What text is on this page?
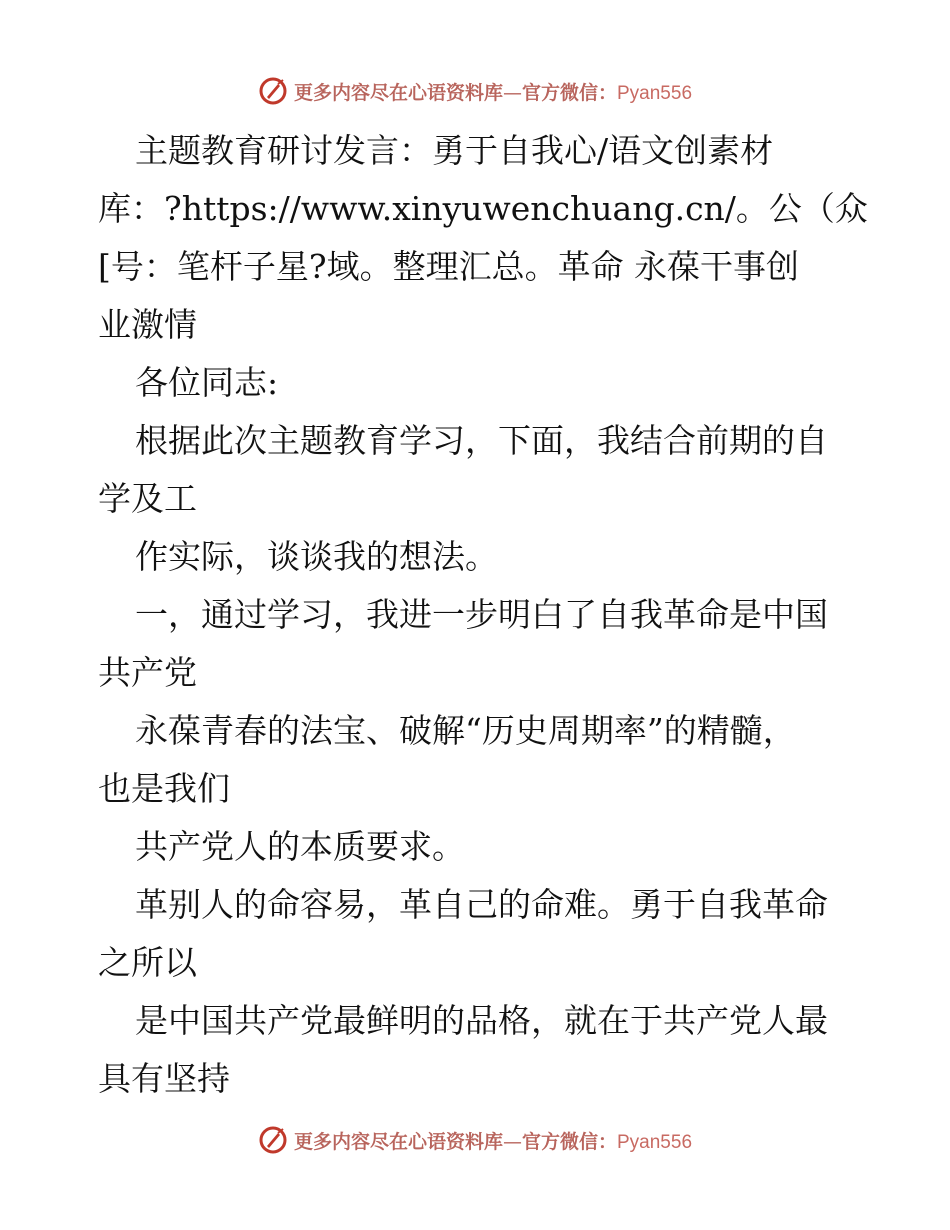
更多内容尽在心语资料库—官方微信：Pyan556
主题教育研讨发言：勇于自我心/语文创素材
库：?https://www.xinyuwenchuang.cn/。公（众
[号：笔杆子星?域。整理汇总。革命 永葆干事创
业激情
各位同志:
根据此次主题教育学习，下面，我结合前期的自
学及工
作实际，谈谈我的想法。
一，通过学习，我进一步明白了自我革命是中国
共产党
永葆青春的法宝、破解“历史周期率”的精髓，
也是我们
共产党人的本质要求。
革别人的命容易，革自己的命难。勇于自我革命
之所以
是中国共产党最鲜明的品格，就在于共产党人最
具有坚持
更多内容尽在心语资料库—官方微信：Pyan556
